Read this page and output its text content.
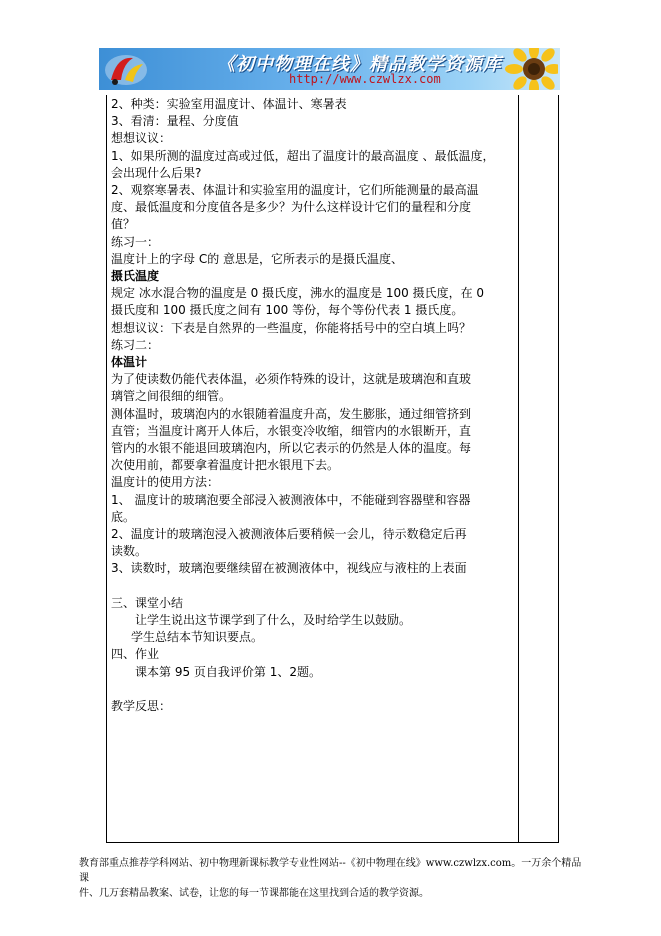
《初中物理在线》精品教学资源库
http://www.czwlzx.com

2、种类：实验室用温度计、体温计、寒暑表

3、看清：量程、分度值

想想议议：

1、如果所测的温度过高或过低，超出了温度计的最高温度 、最低温度，

会出现什么后果?

2、观察寒暑表、体温计和实验室用的温度计，它们所能测量的最高温

度、最低温度和分度值各是多少？为什么这样设计它们的量程和分度

值？

练习一：

温度计上的字母 C的 意思是，它所表示的是摄氏温度、

摄氏温度

规定 冰水混合物的温度是 0 摄氏度，沸水的温度是 100 摄氏度，在 0

摄氏度和 100 摄氏度之间有 100 等份，每个等份代表 1 摄氏度。

想想议议：下表是自然界的一些温度，你能将括号中的空白填上吗？

练习二：

体温计

为了使读数仍能代表体温，必须作特殊的设计，这就是玻璃泡和直玻

璃管之间很细的细管。

测体温时，玻璃泡内的水银随着温度升高，发生膨胀，通过细管挤到

直管；当温度计离开人体后，水银变冷收缩，细管内的水银断开，直

管内的水银不能退回玻璃泡内，所以它表示的仍然是人体的温度。每

次使用前，都要拿着温度计把水银甩下去。

温度计的使用方法：

1、 温度计的玻璃泡要全部浸入被测液体中，不能碰到容器壁和容器

底。

2、温度计的玻璃泡浸入被测液体后要稍候一会儿，待示数稳定后再

读数。

3、读数时，玻璃泡要继续留在被测液体中，视线应与液柱的上表面

三、课堂小结

让学生说出这节课学到了什么，及时给学生以鼓励。

学生总结本节知识要点。

四、作业

课本第 95 页自我评价第 1、2题。

教学反思：

教育部重点推荐学科网站、初中物理新课标教学专业性网站--《初中物理在线》www.czwlzx.com。一万余个精品课

件、几万套精品教案、试卷，让您的每一节课都能在这里找到合适的教学资源。
